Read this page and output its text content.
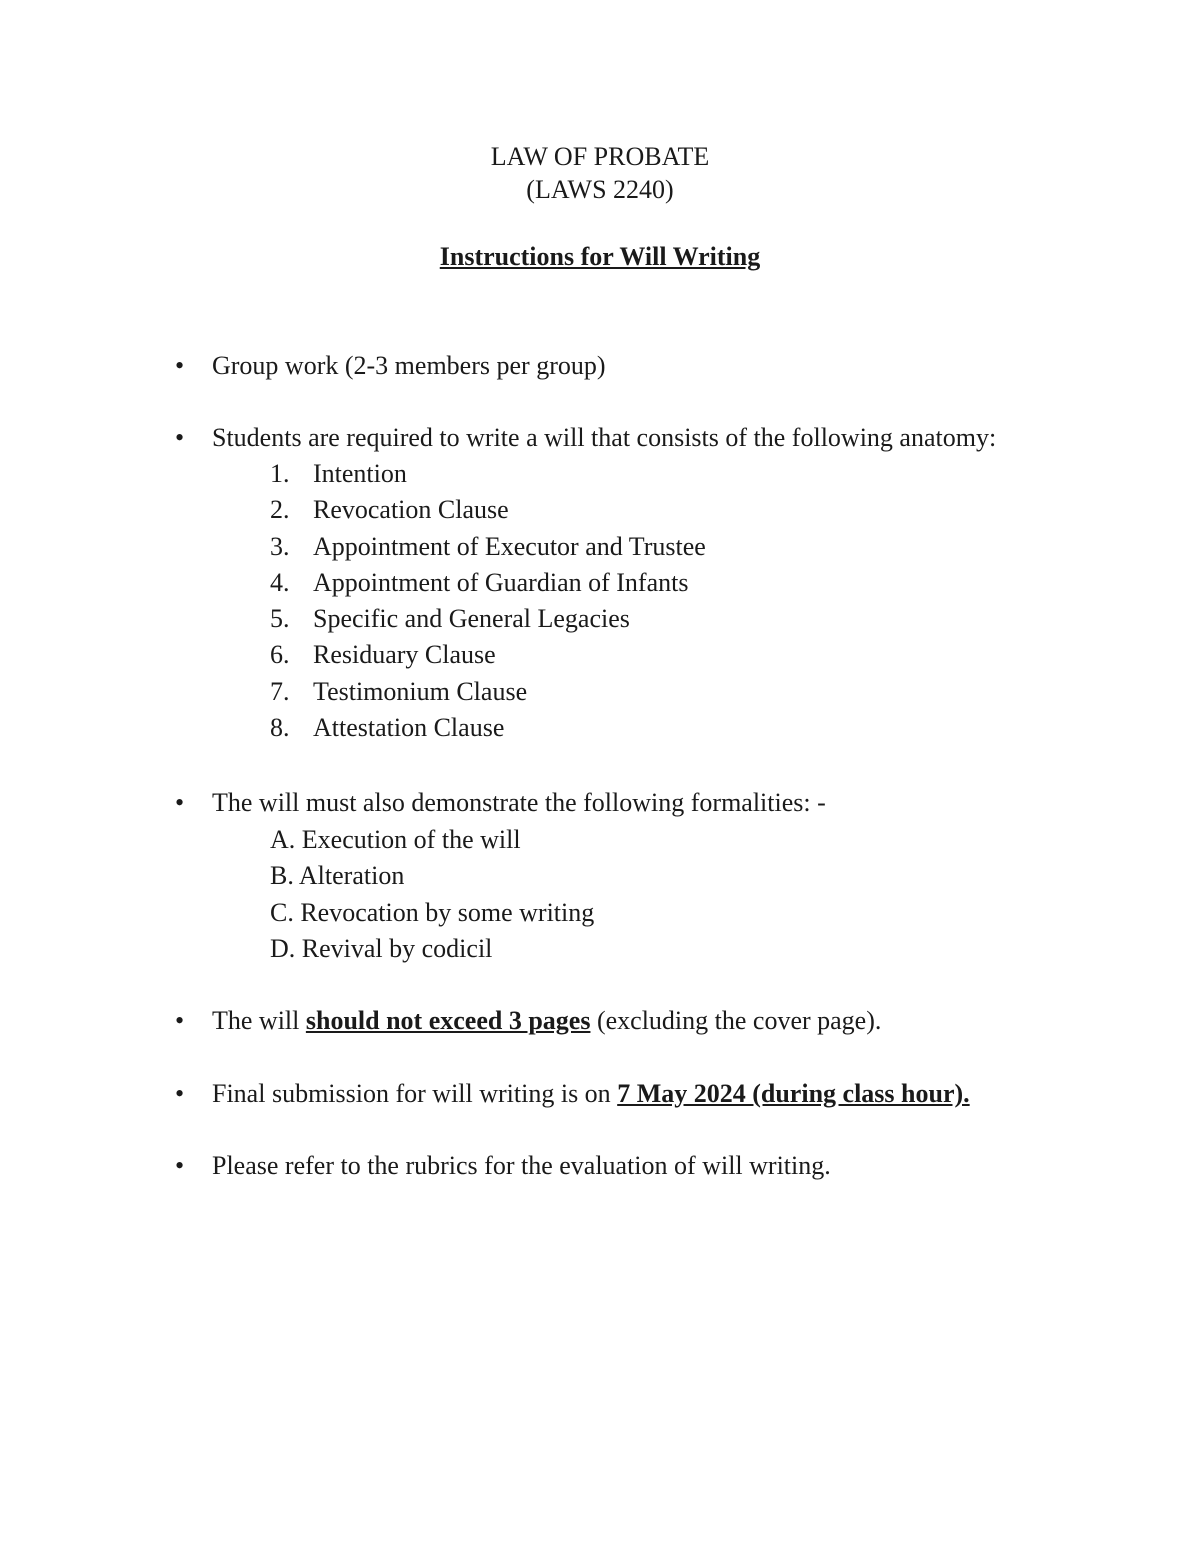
LAW OF PROBATE
(LAWS 2240)
Instructions for Will Writing
• Group work (2-3 members per group)
• Students are required to write a will that consists of the following anatomy:
1. Intention
2. Revocation Clause
3. Appointment of Executor and Trustee
4. Appointment of Guardian of Infants
5. Specific and General Legacies
6. Residuary Clause
7. Testimonium Clause
8. Attestation Clause
• The will must also demonstrate the following formalities: -
A. Execution of the will
B. Alteration
C. Revocation by some writing
D. Revival by codicil
• The will should not exceed 3 pages (excluding the cover page).
• Final submission for will writing is on 7 May 2024 (during class hour).
• Please refer to the rubrics for the evaluation of will writing.
